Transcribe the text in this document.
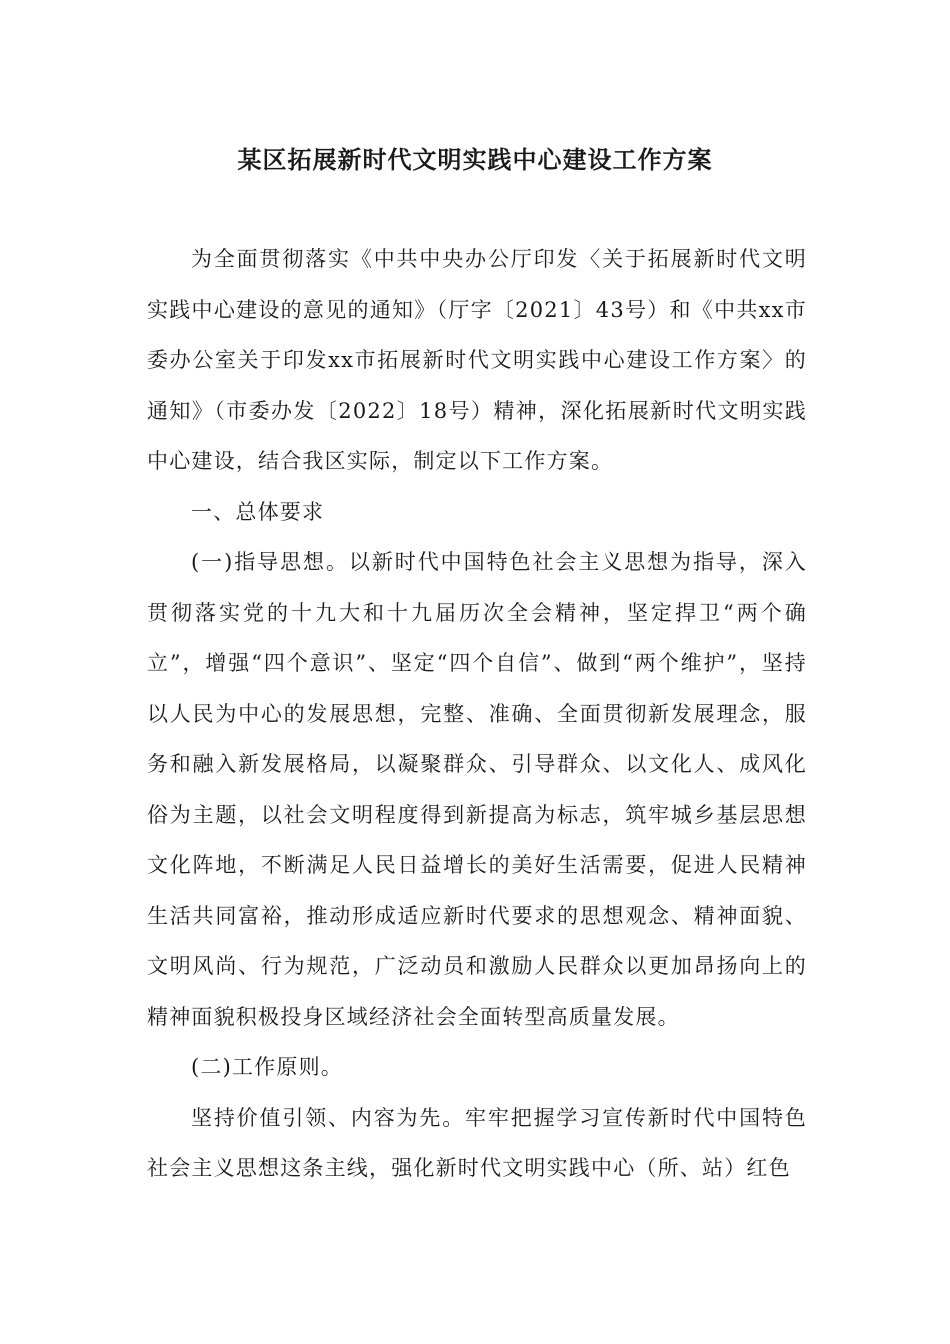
某区拓展新时代文明实践中心建设工作方案

为全面贯彻落实《中共中央办公厅印发〈关于拓展新时代文明实践中心建设的意见的通知》（厅字〔2021〕43号）和《中共xx市委办公室关于印发xx市拓展新时代文明实践中心建设工作方案〉的通知》（市委办发〔2022〕18号）精神，深化拓展新时代文明实践中心建设，结合我区实际，制定以下工作方案。

一、总体要求

(一)指导思想。以新时代中国特色社会主义思想为指导，深入贯彻落实党的十九大和十九届历次全会精神，坚定捍卫“两个确立”，增强“四个意识”、坚定“四个自信”、做到“两个维护”，坚持以人民为中心的发展思想，完整、准确、全面贯彻新发展理念，服务和融入新发展格局，以凝聚群众、引导群众、以文化人、成风化俗为主题，以社会文明程度得到新提高为标志，筑牢城乡基层思想文化阵地，不断满足人民日益增长的美好生活需要，促进人民精神生活共同富裕，推动形成适应新时代要求的思想观念、精神面貌、文明风尚、行为规范，广泛动员和激励人民群众以更加昂扬向上的精神面貌积极投身区域经济社会全面转型高质量发展。

(二)工作原则。

坚持价值引领、内容为先。牢牢把握学习宣传新时代中国特色社会主义思想这条主线，强化新时代文明实践中心（所、站）红色
